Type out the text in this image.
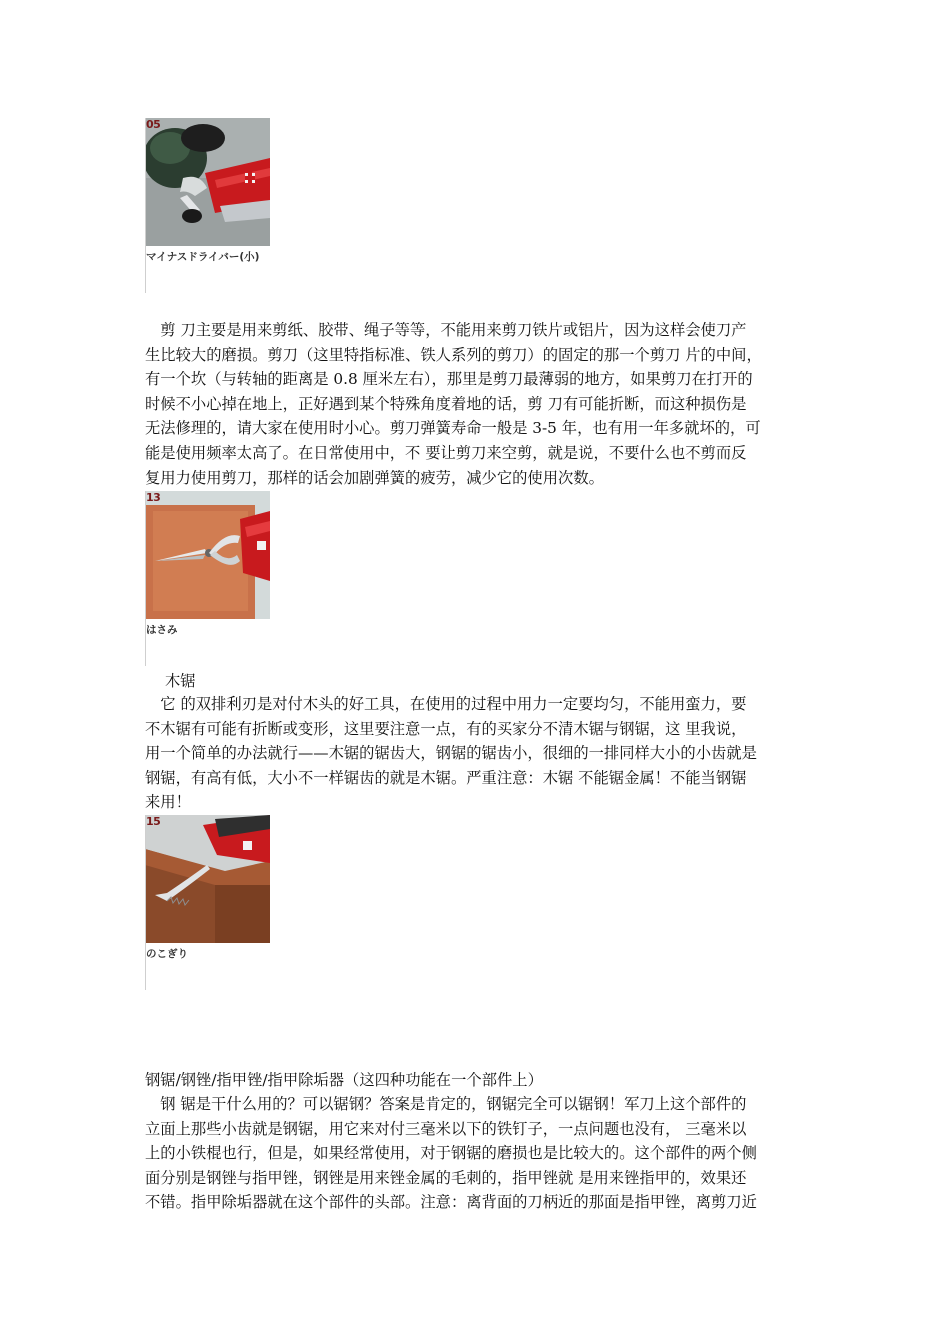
05
マイナスドライバー(小)
　剪 刀主要是用来剪纸、胶带、绳子等等，不能用来剪刀铁片或铝片，因为这样会使刀产
生比较大的磨损。剪刀（这里特指标准、铁人系列的剪刀）的固定的那一个剪刀 片的中间，
有一个坎（与转轴的距离是 0.8 厘米左右），那里是剪刀最薄弱的地方，如果剪刀在打开的
时候不小心掉在地上，正好遇到某个特殊角度着地的话，剪 刀有可能折断，而这种损伤是
无法修理的，请大家在使用时小心。剪刀弹簧寿命一般是 3-5 年，也有用一年多就坏的，可
能是使用频率太高了。在日常使用中，不 要让剪刀来空剪，就是说，不要什么也不剪而反
复用力使用剪刀，那样的话会加剧弹簧的疲劳，减少它的使用次数。
13
はさみ
木锯
　它 的双排利刃是对付木头的好工具，在使用的过程中用力一定要均匀，不能用蛮力，要
不木锯有可能有折断或变形，这里要注意一点，有的买家分不清木锯与钢锯，这 里我说，
用一个简单的办法就行——木锯的锯齿大，钢锯的锯齿小，很细的一排同样大小的小齿就是
钢锯，有高有低，大小不一样锯齿的就是木锯。严重注意：木锯 不能锯金属！不能当钢锯
来用！
15
のこぎり
钢锯/钢锉/指甲锉/指甲除垢器（这四种功能在一个部件上）
　钢 锯是干什么用的？可以锯钢？答案是肯定的，钢锯完全可以锯钢！军刀上这个部件的
立面上那些小齿就是钢锯，用它来对付三毫米以下的铁钉子，一点问题也没有， 三毫米以
上的小铁棍也行，但是，如果经常使用，对于钢锯的磨损也是比较大的。这个部件的两个侧
面分别是钢锉与指甲锉，钢锉是用来锉金属的毛刺的，指甲锉就 是用来锉指甲的，效果还
不错。指甲除垢器就在这个部件的头部。注意：离背面的刀柄近的那面是指甲锉，离剪刀近
